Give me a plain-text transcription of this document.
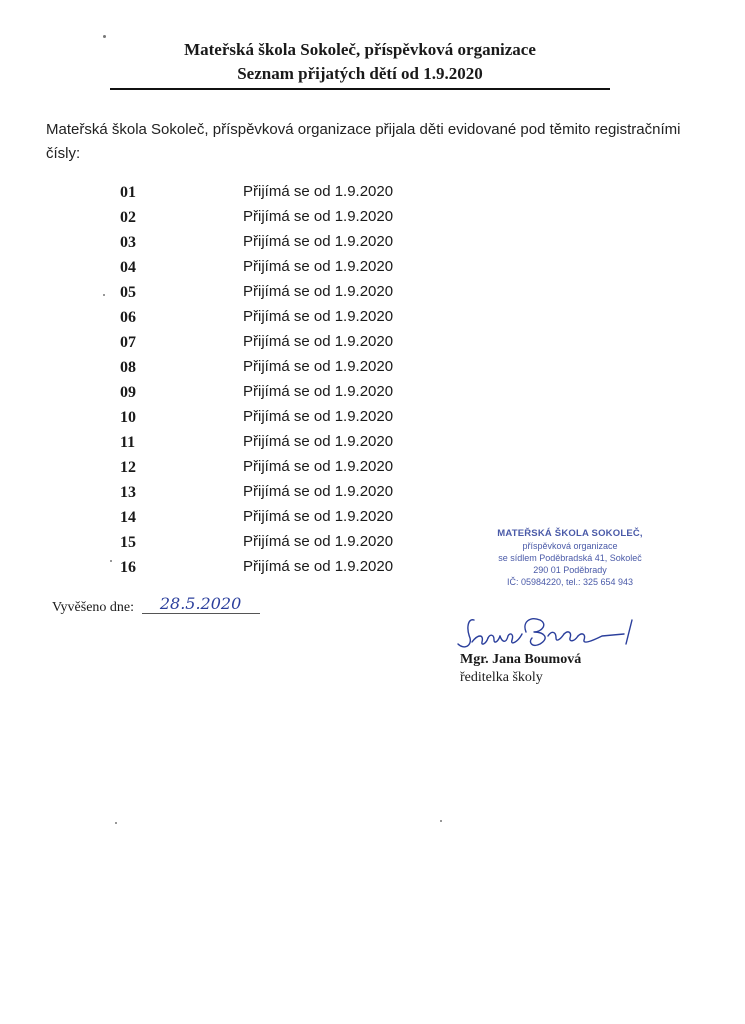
Mateřská škola Sokoleč, příspěvková organizace
Seznam přijatých dětí od 1.9.2020
Mateřská škola Sokoleč, příspěvková organizace přijala děti evidované pod těmito registračními čísly:
01	Přijímá se od 1.9.2020
02	Přijímá se od 1.9.2020
03	Přijímá se od 1.9.2020
04	Přijímá se od 1.9.2020
05	Přijímá se od 1.9.2020
06	Přijímá se od 1.9.2020
07	Přijímá se od 1.9.2020
08	Přijímá se od 1.9.2020
09	Přijímá se od 1.9.2020
10	Přijímá se od 1.9.2020
11	Přijímá se od 1.9.2020
12	Přijímá se od 1.9.2020
13	Přijímá se od 1.9.2020
14	Přijímá se od 1.9.2020
15	Přijímá se od 1.9.2020
16	Přijímá se od 1.9.2020
Vyvěšeno dne: 28.5.2020
MATEŘSKÁ ŠKOLA SOKOLEČ,
příspěvková organizace
se sídlem Poděbradská 41, Sokoleč
290 01 Poděbrady
IČ: 05984220, tel.: 325 654 943
Mgr. Jana Boumová
ředitelka školy
